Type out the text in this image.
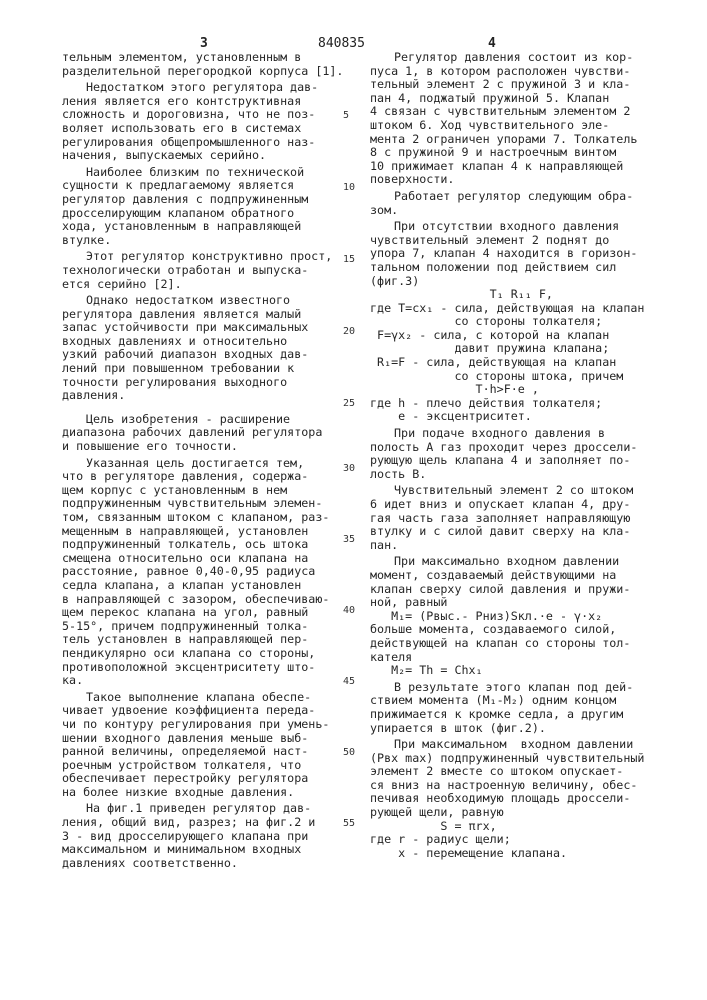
3	840835	4
тельным элементом, установленным в
разделительной перегородкой корпуса [1].
Недостатком этого регулятора дав-
ления является его контструктивная
сложность и дороговизна, что не поз-
воляет использовать его в системах
регулирования общепромышленного наз-
начения, выпускаемых серийно.
Наиболее близким по технической
сущности к предлагаемому является
регулятор давления с подпружиненным
дросселирующим клапаном обратного
хода, установленным в направляющей
втулке.
Этот регулятор конструктивно прост,
технологически отработан и выпуска-
ется серийно [2].
Однако недостатком известного
регулятора давления является малый
запас устойчивости при максимальных
входных давлениях и относительно
узкий рабочий диапазон входных дав-
лений при повышенном требовании к
точности регулирования выходного
давления.
Цель изобретения - расширение
диапазона рабочих давлений регулятора
и повышение его точности.
Указанная цель достигается тем,
что в регуляторе давления, содержа-
щем корпус с установленным в нем
подпружиненным чувствительным элемен-
том, связанным штоком с клапаном, раз-
мещенным в направляющей, установлен
подпружиненный толкатель, ось штока
смещена относительно оси клапана на
расстояние, равное 0,40-0,95 радиуса
седла клапана, а клапан установлен
в направляющей с зазором, обеспечиваю-
щем перекос клапана на угол, равный
5-15°, причем подпружиненный толка-
тель установлен в направляющей пер-
пендикулярно оси клапана со стороны,
противоположной эксцентриситету што-
ка.
Такое выполнение клапана обеспе-
чивает удвоение коэффициента переда-
чи по контуру регулирования при умень-
шении входного давления меньше выб-
ранной величины, определяемой наст-
роечным устройством толкателя, что
обеспечивает перестройку регулятора
на более низкие входные давления.
На фиг.1 приведен регулятор дав-
ления, общий вид, разрез; на фиг.2 и
3 - вид дросселирующего клапана при
максимальном и минимальном входных
давлениях соответственно.
5
10
15
20
25
30
35
40
45
50
55
Регулятор давления состоит из кор-
пуса 1, в котором расположен чувстви-
тельный элемент 2 с пружиной 3 и кла-
пан 4, поджатый пружиной 5. Клапан
4 связан с чувствительным элементом 2
штоком 6. Ход чувствительного эле-
мента 2 ограничен упорами 7. Толкатель
8 с пружиной 9 и настроечным винтом
10 прижимает клапан 4 к направляющей
поверхности.
Работает регулятор следующим обра-
зом.
При отсутствии входного давления
чувствительный элемент 2 поднят до
упора 7, клапан 4 находится в горизон-
тальном положении под действием сил
(фиг.3)
T₁ R₁₁ F,
где T=cx₁ - сила, действующая на клапан
со стороны толкателя;
F=γx₂ - сила, с которой на клапан
давит пружина клапана;
R₁=F - сила, действующая на клапан
со стороны штока, причем
T·h>F·e ,
где h - плечо действия толкателя;
e - эксцентриситет.
При подаче входного давления в
полость А газ проходит через дроссели-
рующую щель клапана 4 и заполняет по-
лость В.
Чувствительный элемент 2 со штоком
6 идет вниз и опускает клапан 4, дру-
гая часть газа заполняет направляющую
втулку и с силой давит сверху на кла-
пан.
При максимально входном давлении
момент, создаваемый действующими на
клапан сверху силой давления и пружи-
ной, равный
M₁= (Pвыс.- Pниз)Sкл.·e - γ·x₂
больше момента, создаваемого силой,
действующей на клапан со стороны тол-
кателя
M₂= Th = Chx₁
В результате этого клапан под дей-
ствием момента (M₁-M₂) одним концом
прижимается к кромке седла, а другим
упирается в шток (фиг.2).
При максимальном  входном давлении
(Pвх max) подпружиненный чувствительный
элемент 2 вместе со штоком опускает-
ся вниз на настроенную величину, обес-
печивая необходимую площадь дроссели-
рующей щели, равную
S = πrx,
где r - радиус щели;
x - перемещение клапана.
